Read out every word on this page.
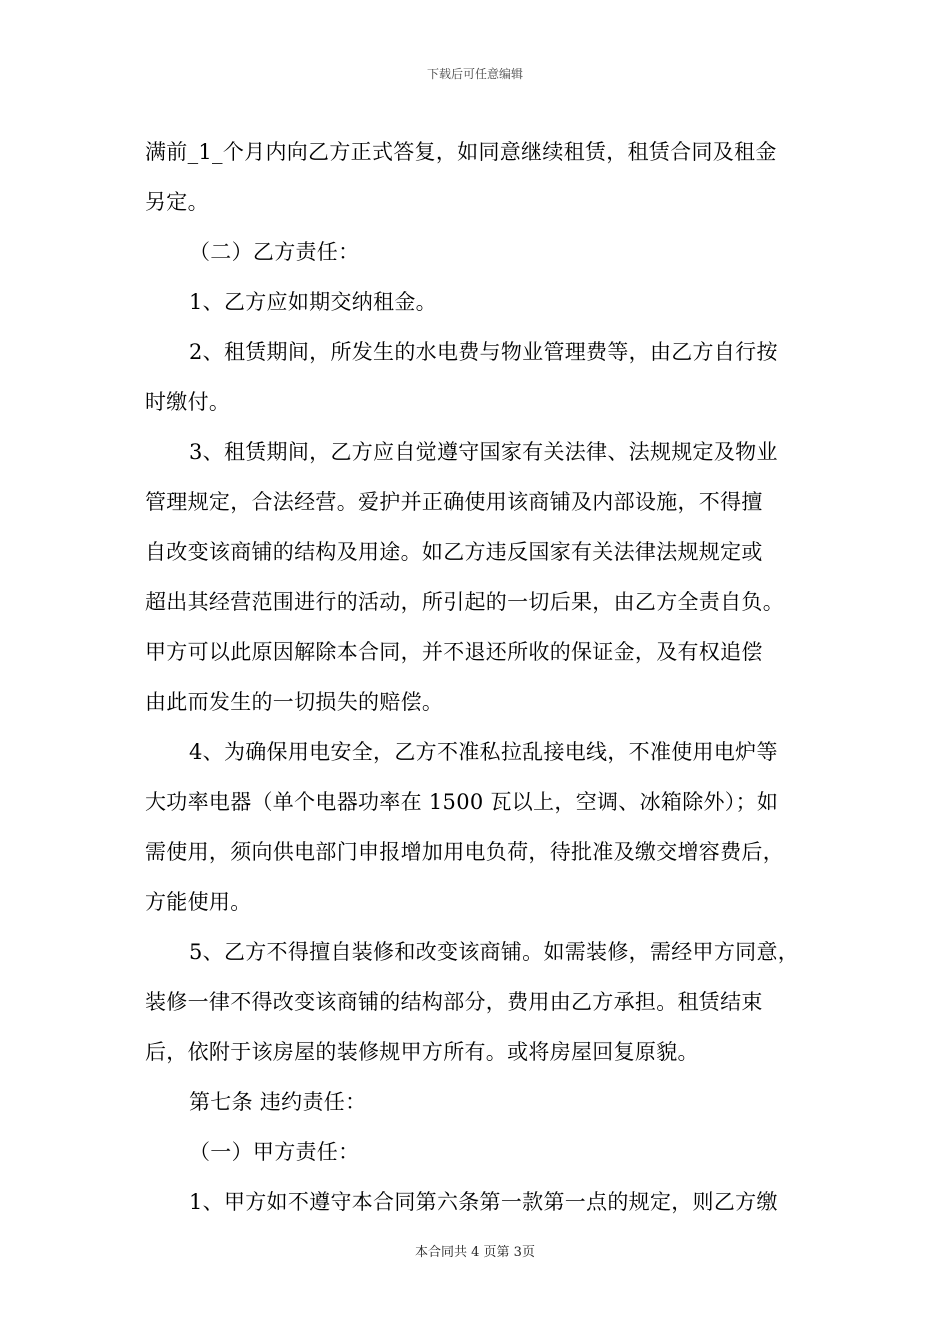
下载后可任意编辑
满前_1_个月内向乙方正式答复，如同意继续租赁，租赁合同及租金
另定。
（二）乙方责任：
1、乙方应如期交纳租金。
2、租赁期间，所发生的水电费与物业管理费等，由乙方自行按
时缴付。
3、租赁期间，乙方应自觉遵守国家有关法律、法规规定及物业
管理规定，合法经营。爱护并正确使用该商铺及内部设施，不得擅
自改变该商铺的结构及用途。如乙方违反国家有关法律法规规定或
超出其经营范围进行的活动，所引起的一切后果，由乙方全责自负。
甲方可以此原因解除本合同，并不退还所收的保证金，及有权追偿
由此而发生的一切损失的赔偿。
4、为确保用电安全，乙方不准私拉乱接电线，不准使用电炉等
大功率电器（单个电器功率在 1500 瓦以上，空调、冰箱除外）；如
需使用，须向供电部门申报增加用电负荷，待批准及缴交增容费后，
方能使用。
5、乙方不得擅自装修和改变该商铺。如需装修，需经甲方同意，
装修一律不得改变该商铺的结构部分，费用由乙方承担。租赁结束
后，依附于该房屋的装修规甲方所有。或将房屋回复原貌。
第七条 违约责任：
（一）甲方责任：
1、甲方如不遵守本合同第六条第一款第一点的规定，则乙方缴
本合同共 4 页第 3页
